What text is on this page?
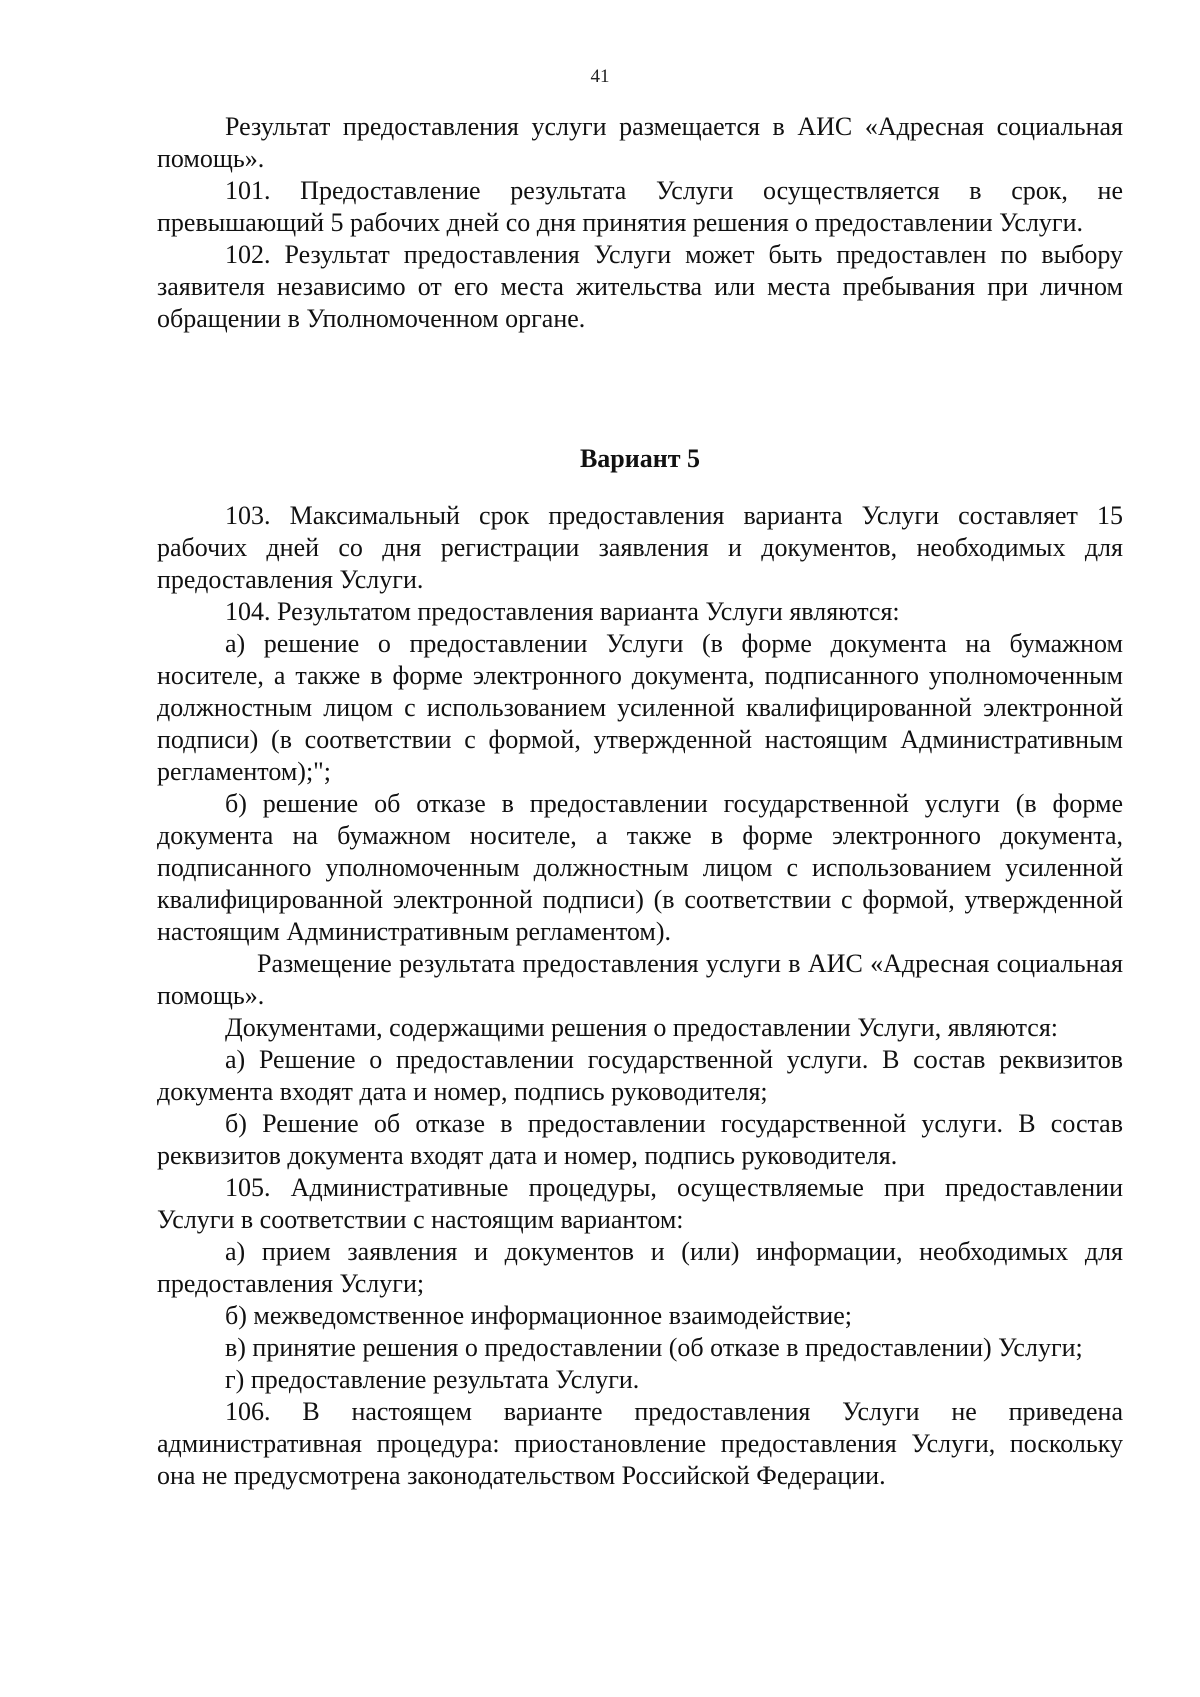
41

Результат предоставления услуги размещается в АИС «Адресная социальная помощь».

101. Предоставление результата Услуги осуществляется в срок, не превышающий 5 рабочих дней со дня принятия решения о предоставлении Услуги.

102. Результат предоставления Услуги может быть предоставлен по выбору заявителя независимо от его места жительства или места пребывания при личном обращении в Уполномоченном органе.

Вариант 5

103. Максимальный срок предоставления варианта Услуги составляет 15 рабочих дней со дня регистрации заявления и документов, необходимых для предоставления Услуги.

104. Результатом предоставления варианта Услуги являются:

а) решение о предоставлении Услуги (в форме документа на бумажном носителе, а также в форме электронного документа, подписанного уполномоченным должностным лицом с использованием усиленной квалифицированной электронной подписи) (в соответствии с формой, утвержденной настоящим Административным регламентом);";

б) решение об отказе в предоставлении государственной услуги (в форме документа на бумажном носителе, а также в форме электронного документа, подписанного уполномоченным должностным лицом с использованием усиленной квалифицированной электронной подписи) (в соответствии с формой, утвержденной настоящим Административным регламентом).

Размещение результата предоставления услуги в АИС «Адресная социальная помощь».

Документами, содержащими решения о предоставлении Услуги, являются:

а) Решение о предоставлении государственной услуги. В состав реквизитов документа входят дата и номер, подпись руководителя;

б) Решение об отказе в предоставлении государственной услуги. В состав реквизитов документа входят дата и номер, подпись руководителя.

105. Административные процедуры, осуществляемые при предоставлении Услуги в соответствии с настоящим вариантом:

а) прием заявления и документов и (или) информации, необходимых для предоставления Услуги;

б) межведомственное информационное взаимодействие;

в) принятие решения о предоставлении (об отказе в предоставлении) Услуги;

г) предоставление результата Услуги.

106. В настоящем варианте предоставления Услуги не приведена административная процедура: приостановление предоставления Услуги, поскольку она не предусмотрена законодательством Российской Федерации.
